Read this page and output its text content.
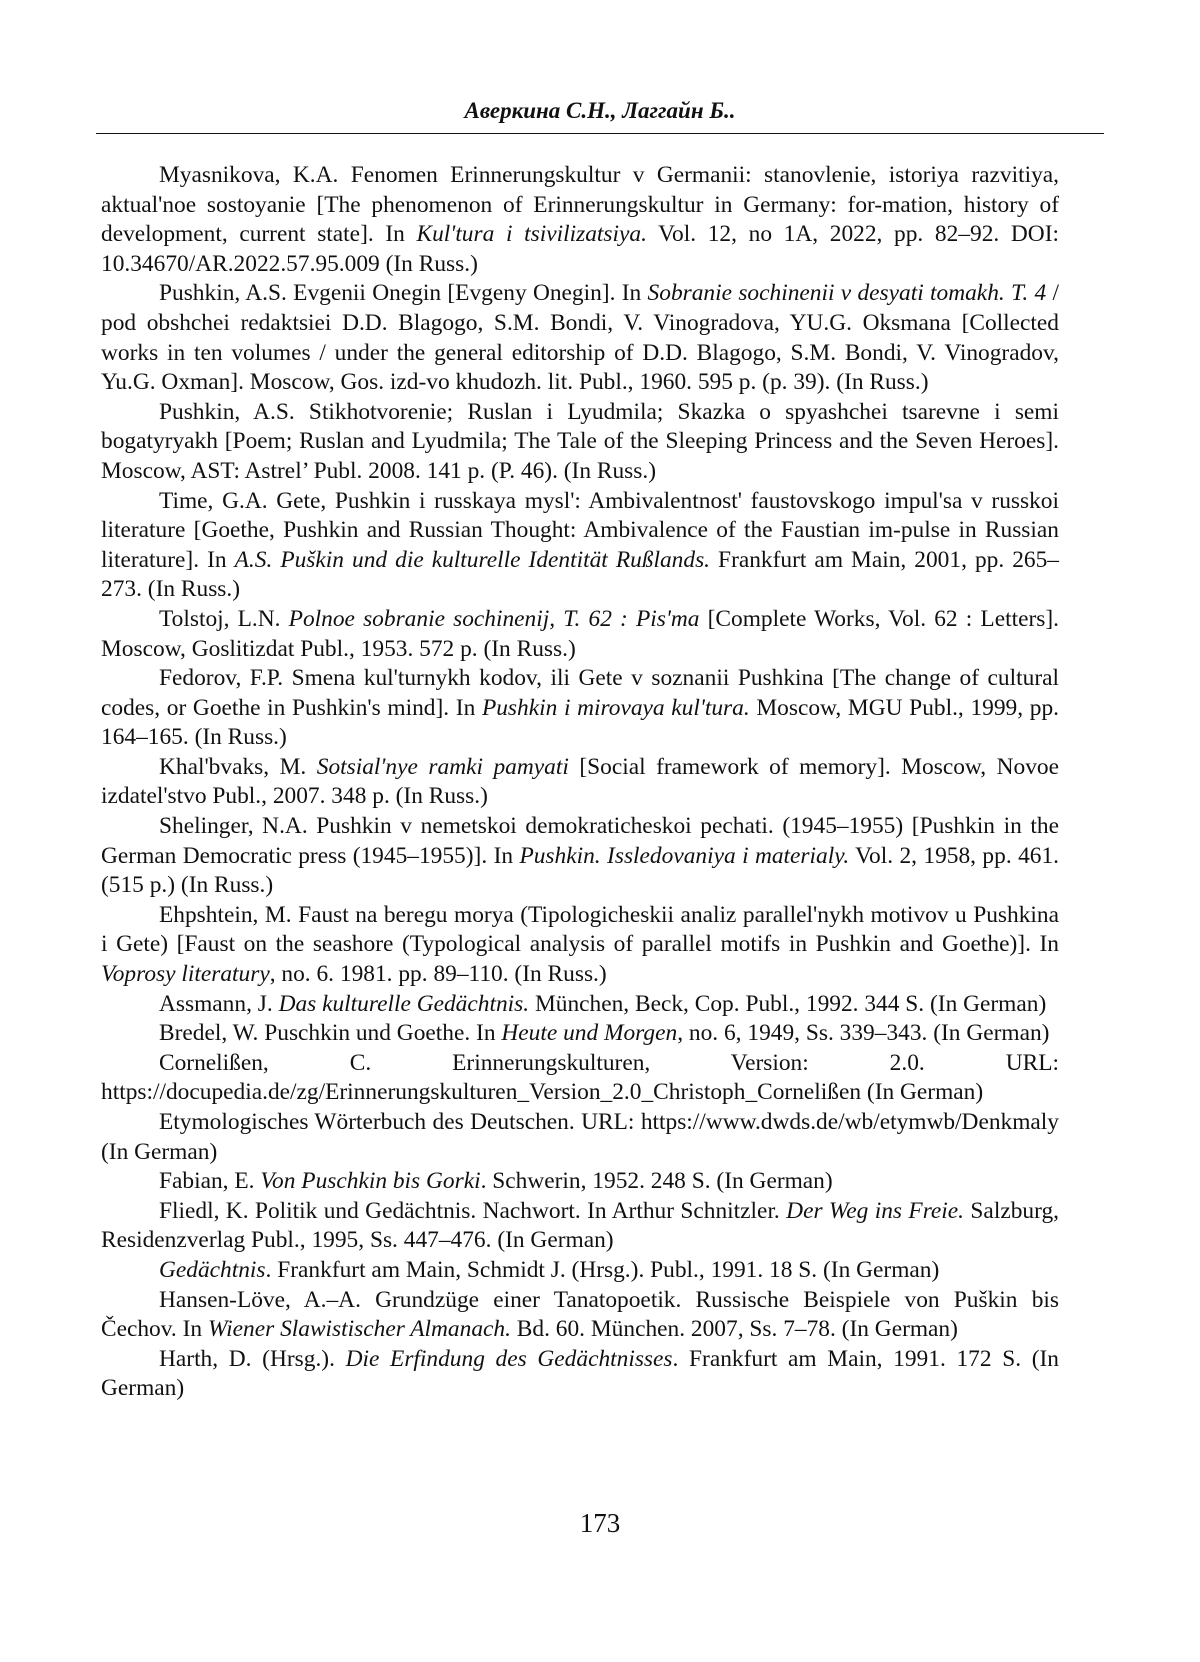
Аверкина С.Н., Лаггайн Б..

Myasnikova, K.A. Fenomen Erinnerungskultur v Germanii: stanovlenie, istoriya razvitiya, aktual'noe sostoyanie [The phenomenon of Erinnerungskultur in Germany: for-mation, history of development, current state]. In Kul'tura i tsivilizatsiya. Vol. 12, no 1A, 2022, pp. 82–92. DOI: 10.34670/AR.2022.57.95.009 (In Russ.)

Pushkin, A.S. Evgenii Onegin [Evgeny Onegin]. In Sobranie sochinenii v desyati tomakh. T. 4 / pod obshchei redaktsiei D.D. Blagogo, S.M. Bondi, V. Vinogradova, YU.G. Oksmana [Collected works in ten volumes / under the general editorship of D.D. Blagogo, S.M. Bondi, V. Vinogradov, Yu.G. Oxman]. Moscow, Gos. izd-vo khudozh. lit. Publ., 1960. 595 p. (p. 39). (In Russ.)

Pushkin, A.S. Stikhotvorenie; Ruslan i Lyudmila; Skazka o spyashchei tsarevne i semi bogatyryakh [Poem; Ruslan and Lyudmila; The Tale of the Sleeping Princess and the Seven Heroes]. Moscow, AST: Astrel’ Publ. 2008. 141 p. (P. 46). (In Russ.)

Time, G.A. Gete, Pushkin i russkaya mysl': Ambivalentnost' faustovskogo impul'sa v russkoi literature [Goethe, Pushkin and Russian Thought: Ambivalence of the Faustian im-pulse in Russian literature]. In A.S. Puškin und die kulturelle Identität Rußlands. Frankfurt am Main, 2001, pp. 265–273. (In Russ.)

Tolstoj, L.N. Polnoe sobranie sochinenij, T. 62 : Pis'ma [Complete Works, Vol. 62 : Letters]. Moscow, Goslitizdat Publ., 1953. 572 p. (In Russ.)

Fedorov, F.P. Smena kul'turnykh kodov, ili Gete v soznanii Pushkina [The change of cultural codes, or Goethe in Pushkin's mind]. In Pushkin i mirovaya kul'tura. Moscow, MGU Publ., 1999, pp. 164–165. (In Russ.)

Khal'bvaks, M. Sotsial'nye ramki pamyati [Social framework of memory]. Moscow, Novoe izdatel'stvo Publ., 2007. 348 p. (In Russ.)

Shelinger, N.A. Pushkin v nemetskoi demokraticheskoi pechati. (1945–1955) [Pushkin in the German Democratic press (1945–1955)]. In Pushkin. Issledovaniya i materialy. Vol. 2, 1958, pp. 461. (515 p.) (In Russ.)

Ehpshtein, M. Faust na beregu morya (Tipologicheskii analiz parallel'nykh motivov u Pushkina i Gete) [Faust on the seashore (Typological analysis of parallel motifs in Pushkin and Goethe)]. In Voprosy literatury, no. 6. 1981. pp. 89–110. (In Russ.)

Assmann, J. Das kulturelle Gedächtnis. München, Beck, Cop. Publ., 1992. 344 S. (In German)

Bredel, W. Puschkin und Goethe. In Heute und Morgen, no. 6, 1949, Ss. 339–343. (In German)

Cornelißen, C. Erinnerungskulturen, Version: 2.0. URL: https://docupedia.de/zg/Erinnerungskulturen_Version_2.0_Christoph_Cornelißen (In German)

Etymologisches Wörterbuch des Deutschen. URL: https://www.dwds.de/wb/etymwb/Denkmaly (In German)

Fabian, E. Von Puschkin bis Gorki. Schwerin, 1952. 248 S. (In German)

Fliedl, K. Politik und Gedächtnis. Nachwort. In Arthur Schnitzler. Der Weg ins Freie. Salzburg, Residenzverlag Publ., 1995, Ss. 447–476. (In German)

Gedächtnis. Frankfurt am Main, Schmidt J. (Hrsg.). Publ., 1991. 18 S. (In German)

Hansen-Löve, A.–A. Grundzüge einer Tanatopoetik. Russische Beispiele von Puškin bis Čechov. In Wiener Slawistischer Almanach. Bd. 60. München. 2007, Ss. 7–78. (In German)

Harth, D. (Hrsg.). Die Erfindung des Gedächtnisses. Frankfurt am Main, 1991. 172 S. (In German)

173
